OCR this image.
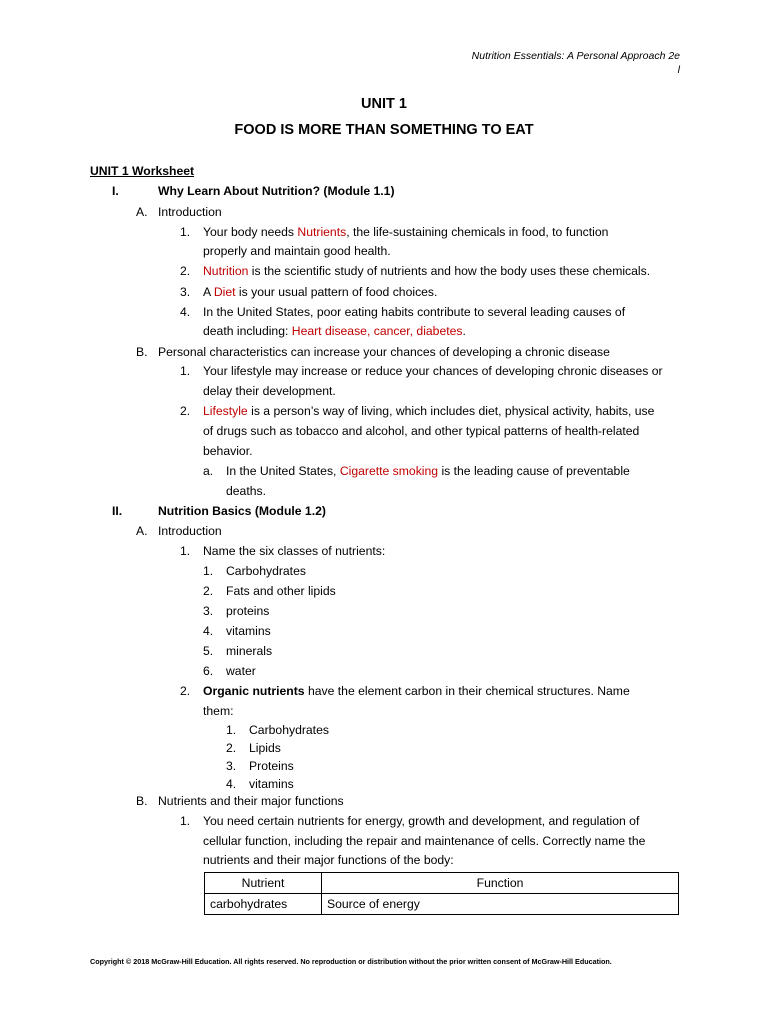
Nutrition Essentials: A Personal Approach 2e
l
UNIT 1
FOOD IS MORE THAN SOMETHING TO EAT
UNIT 1 Worksheet
I.	Why Learn About Nutrition? (Module 1.1)
A. Introduction
1. Your body needs Nutrients, the life-sustaining chemicals in food, to function
properly and maintain good health.
2. Nutrition is the scientific study of nutrients and how the body uses these chemicals.
3. A Diet is your usual pattern of food choices.
4. In the United States, poor eating habits contribute to several leading causes of
death including: Heart disease, cancer, diabetes.
B. Personal characteristics can increase your chances of developing a chronic disease
1. Your lifestyle may increase or reduce your chances of developing chronic diseases or
delay their development.
2. Lifestyle is a person’s way of living, which includes diet, physical activity, habits, use
of drugs such as tobacco and alcohol, and other typical patterns of health-related
behavior.
a. In the United States, Cigarette smoking is the leading cause of preventable
deaths.
II.	Nutrition Basics (Module 1.2)
A. Introduction
1. Name the six classes of nutrients:
1. Carbohydrates
2. Fats and other lipids
3. proteins
4. vitamins
5. minerals
6. water
2. Organic nutrients have the element carbon in their chemical structures. Name
them:
1. Carbohydrates
2. Lipids
3. Proteins
4. vitamins
B. Nutrients and their major functions
1. You need certain nutrients for energy, growth and development, and regulation of
cellular function, including the repair and maintenance of cells. Correctly name the
nutrients and their major functions of the body:
Nutrient	Function
carbohydrates	Source of energy
Copyright © 2018 McGraw-Hill Education. All rights reserved. No reproduction or distribution without the prior written consent of McGraw-Hill Education.
